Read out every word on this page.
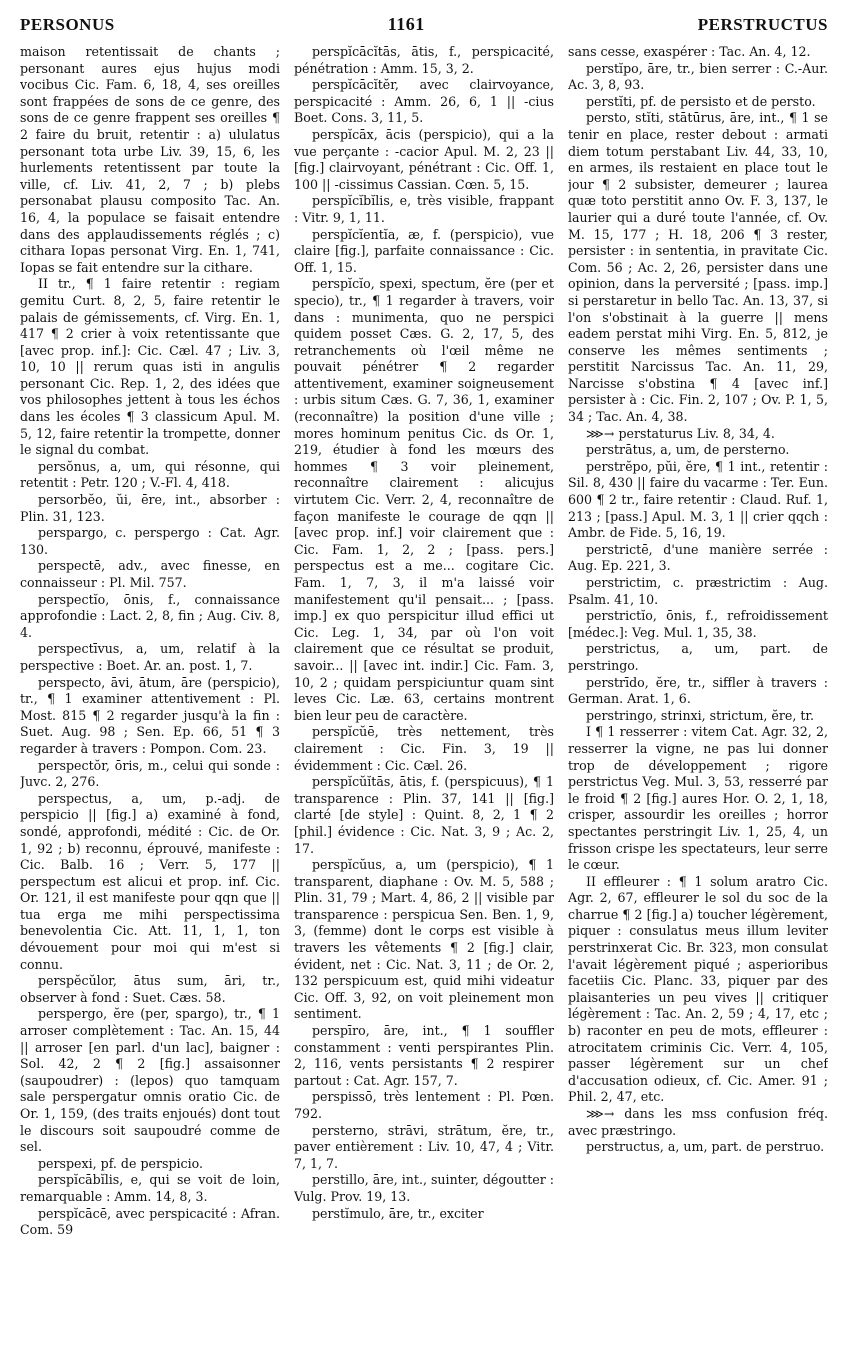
PERSONUS	1161	PERSTRUCTUS

maison retentissait de chants ; personant aures ejus hujus modi vocibus Cic. Fam. 6, 18, 4, ses oreilles sont frappées de sons de ce genre, des sons de ce genre frappent ses oreilles ¶ 2 faire du bruit, retentir : a) ululatus personant tota urbe Liv. 39, 15, 6, les hurlements retentissent par toute la ville, cf. Liv. 41, 2, 7 ; b) plebs personabat plausu composito Tac. An. 16, 4, la populace se faisait entendre dans des applaudissements réglés ; c) cithara Iopas personat Virg. En. 1, 741, Iopas se fait entendre sur la cithare.

II tr., ¶ 1 faire retentir : regiam gemitu Curt. 8, 2, 5, faire retentir le palais de gémissements, cf. Virg. En. 1, 417 ¶ 2 crier à voix retentissante que [avec prop. inf.]: Cic. Cæl. 47 ; Liv. 3, 10, 10 || rerum quas isti in angulis personant Cic. Rep. 1, 2, des idées que vos philosophes jettent à tous les échos dans les écoles ¶ 3 classicum Apul. M. 5, 12, faire retentir la trompette, donner le signal du combat.

persŏnus, a, um, qui résonne, qui retentit : Petr. 120 ; V.-Fl. 4, 418.

persorbĕo, ŭi, ēre, int., absorber : Plin. 31, 123.

perspargo, c. perspergo : Cat. Agr. 130.

perspectē, adv., avec finesse, en connaisseur : Pl. Mil. 757.

perspectĭo, ōnis, f., connaissance approfondie : Lact. 2, 8, fin ; Aug. Civ. 8, 4.

perspectīvus, a, um, relatif à la perspective : Boet. Ar. an. post. 1, 7.

perspecto, āvi, ātum, āre (perspicio), tr., ¶ 1 examiner attentivement : Pl. Most. 815 ¶ 2 regarder jusqu'à la fin : Suet. Aug. 98 ; Sen. Ep. 66, 51 ¶ 3 regarder à travers : Pompon. Com. 23.

perspectŏr, ōris, m., celui qui sonde : Juvc. 2, 276.

perspectus, a, um, p.-adj. de perspicio || [fig.] a) examiné à fond, sondé, approfondi, médité : Cic. de Or. 1, 92 ; b) reconnu, éprouvé, manifeste : Cic. Balb. 16 ; Verr. 5, 177 || perspectum est alicui et prop. inf. Cic. Or. 121, il est manifeste pour qqn que || tua erga me mihi perspectissima benevolentia Cic. Att. 11, 1, 1, ton dévouement pour moi qui m'est si connu.

perspĕcŭlor, ātus sum, āri, tr., observer à fond : Suet. Cæs. 58.

perspergo, ĕre (per, spargo), tr., ¶ 1 arroser complètement : Tac. An. 15, 44 || arroser [en parl. d'un lac], baigner : Sol. 42, 2 ¶ 2 [fig.] assaisonner (saupoudrer) : (lepos) quo tamquam sale perspergatur omnis oratio Cic. de Or. 1, 159, (des traits enjoués) dont tout le discours soit saupoudré comme de sel.

perspexi, pf. de perspicio.

perspĭcābĭlis, e, qui se voit de loin, remarquable : Amm. 14, 8, 3.

perspĭcācē, avec perspicacité : Afran. Com. 59

perspĭcācĭtās, ātis, f., perspicacité, pénétration : Amm. 15, 3, 2.

perspĭcācĭtĕr, avec clairvoyance, perspicacité : Amm. 26, 6, 1 || -cius Boet. Cons. 3, 11, 5.

perspĭcāx, ācis (perspicio), qui a la vue perçante : -cacior Apul. M. 2, 23 || [fig.] clairvoyant, pénétrant : Cic. Off. 1, 100 || -cissimus Cassian. Cœn. 5, 15.

perspĭcĭbĭlis, e, très visible, frappant : Vitr. 9, 1, 11.

perspĭcĭentĭa, æ, f. (perspicio), vue claire [fig.], parfaite connaissance : Cic. Off. 1, 15.

perspĭcĭo, spexi, spectum, ĕre (per et specio), tr., ¶ 1 regarder à travers, voir dans : munimenta, quo ne perspici quidem posset Cæs. G. 2, 17, 5, des retranchements où l'œil même ne pouvait pénétrer ¶ 2 regarder attentivement, examiner soigneusement : urbis situm Cæs. G. 7, 36, 1, examiner (reconnaître) la position d'une ville ; mores hominum penitus Cic. ds Or. 1, 219, étudier à fond les mœurs des hommes ¶ 3 voir pleinement, reconnaître clairement : alicujus virtutem Cic. Verr. 2, 4, reconnaître de façon manifeste le courage de qqn || [avec prop. inf.] voir clairement que : Cic. Fam. 1, 2, 2 ; [pass. pers.] perspectus est a me... cogitare Cic. Fam. 1, 7, 3, il m'a laissé voir manifestement qu'il pensait... ; [pass. imp.] ex quo perspicitur illud effici ut Cic. Leg. 1, 34, par où l'on voit clairement que ce résultat se produit, savoir... || [avec int. indir.] Cic. Fam. 3, 10, 2 ; quidam perspiciuntur quam sint leves Cic. Læ. 63, certains montrent bien leur peu de caractère.

perspĭcŭē, très nettement, très clairement : Cic. Fin. 3, 19 || évidemment : Cic. Cæl. 26.

perspĭcŭĭtās, ātis, f. (perspicuus), ¶ 1 transparence : Plin. 37, 141 || [fig.] clarté [de style] : Quint. 8, 2, 1 ¶ 2 [phil.] évidence : Cic. Nat. 3, 9 ; Ac. 2, 17.

perspĭcŭus, a, um (perspicio), ¶ 1 transparent, diaphane : Ov. M. 5, 588 ; Plin. 31, 79 ; Mart. 4, 86, 2 || visible par transparence : perspicua Sen. Ben. 1, 9, 3, (femme) dont le corps est visible à travers les vêtements ¶ 2 [fig.] clair, évident, net : Cic. Nat. 3, 11 ; de Or. 2, 132 perspicuum est, quid mihi videatur Cic. Off. 3, 92, on voit pleinement mon sentiment.

perspīro, āre, int., ¶ 1 souffler constamment : venti perspirantes Plin. 2, 116, vents persistants ¶ 2 respirer partout : Cat. Agr. 157, 7.

perspissō, très lentement : Pl. Pœn. 792.

persterno, strāvi, strātum, ĕre, tr., paver entièrement : Liv. 10, 47, 4 ; Vitr. 7, 1, 7.

perstillo, āre, int., suinter, dégoutter : Vulg. Prov. 19, 13.

perstĭmulo, āre, tr., exciter

sans cesse, exaspérer : Tac. An. 4, 12.

perstĭpo, āre, tr., bien serrer : C.-Aur. Ac. 3, 8, 93.

perstĭti, pf. de persisto et de persto.

persto, stĭti, stātūrus, āre, int., ¶ 1 se tenir en place, rester debout : armati diem totum perstabant Liv. 44, 33, 10, en armes, ils restaient en place tout le jour ¶ 2 subsister, demeurer ; laurea quæ toto perstitit anno Ov. F. 3, 137, le laurier qui a duré toute l'année, cf. Ov. M. 15, 177 ; H. 18, 206 ¶ 3 rester, persister : in sententia, in pravitate Cic. Com. 56 ; Ac. 2, 26, persister dans une opinion, dans la perversité ; [pass. imp.] si perstaretur in bello Tac. An. 13, 37, si l'on s'obstinait à la guerre || mens eadem perstat mihi Virg. En. 5, 812, je conserve les mêmes sentiments ; perstitit Narcissus Tac. An. 11, 29, Narcisse s'obstina ¶ 4 [avec inf.] persister à : Cic. Fin. 2, 107 ; Ov. P. 1, 5, 34 ; Tac. An. 4, 38.

⋙→ perstaturus Liv. 8, 34, 4.

perstrātus, a, um, de persterno.

perstrĕpo, pŭi, ĕre, ¶ 1 int., retentir : Sil. 8, 430 || faire du vacarme : Ter. Eun. 600 ¶ 2 tr., faire retentir : Claud. Ruf. 1, 213 ; [pass.] Apul. M. 3, 1 || crier qqch : Ambr. de Fide. 5, 16, 19.

perstrictē, d'une manière serrée : Aug. Ep. 221, 3.

perstrictim, c. præstrictim : Aug. Psalm. 41, 10.

perstrictĭo, ōnis, f., refroidissement [médec.]: Veg. Mul. 1, 35, 38.

perstrictus, a, um, part. de perstringo.

perstrīdo, ĕre, tr., siffler à travers : German. Arat. 1, 6.

perstringo, strinxi, strictum, ĕre, tr.

I ¶ 1 resserrer : vitem Cat. Agr. 32, 2, resserrer la vigne, ne pas lui donner trop de développement ; rigore perstrictus Veg. Mul. 3, 53, resserré par le froid ¶ 2 [fig.] aures Hor. O. 2, 1, 18, crisper, assourdir les oreilles ; horror spectantes perstringit Liv. 1, 25, 4, un frisson crispe les spectateurs, leur serre le cœur.

II effleurer : ¶ 1 solum aratro Cic. Agr. 2, 67, effleurer le sol du soc de la charrue ¶ 2 [fig.] a) toucher légèrement, piquer : consulatus meus illum leviter perstrinxerat Cic. Br. 323, mon consulat l'avait légèrement piqué ; asperioribus facetiis Cic. Planc. 33, piquer par des plaisanteries un peu vives || critiquer légèrement : Tac. An. 2, 59 ; 4, 17, etc ; b) raconter en peu de mots, effleurer : atrocitatem criminis Cic. Verr. 4, 105, passer légèrement sur un chef d'accusation odieux, cf. Cic. Amer. 91 ; Phil. 2, 47, etc.

⋙→ dans les mss confusion fréq. avec præstringo.

perstructus, a, um, part. de perstruo.
